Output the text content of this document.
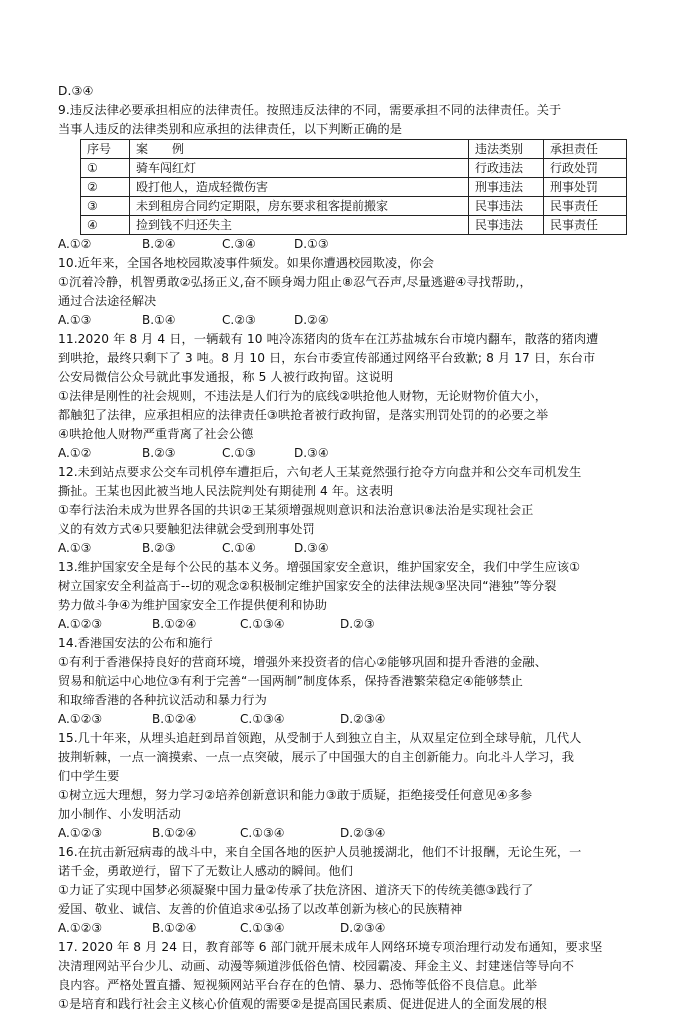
D.③④
9.违反法律必要承担相应的法律责任。按照违反法律的不同，需要承担不同的法律责任。关于
当事人违反的法律类别和应承担的法律责任，以下判断正确的是
序号	案　　例	违法类别	承担责任
①	骑车闯红灯	行政违法	行政处罚
②	殴打他人，造成轻微伤害	刑事违法	刑事处罚
③	未到租房合同约定期限，房东要求租客提前搬家	民事违法	民事责任
④	捡到钱不归还失主	民事违法	民事责任
A.①②	B.②④	C.③④	D.①③
10.近年来，全国各地校园欺凌事件频发。如果你遭遇校园欺凌，你会
①沉着冷静，机智勇敢②弘扬正义,奋不顾身竭力阻止⑧忍气吞声,尽量逃避④寻找帮助,，
通过合法途径解决
A.①③	B.①④	C.②③	D.②④
11.2020 年 8 月 4 日，一辆载有 10 吨冷冻猪肉的货车在江苏盐城东台市境内翻车，散落的猪肉遭
到哄抢，最终只剩下了 3 吨。8 月 10 日，东台市委宣传部通过网络平台致歉; 8 月 17 日，东台市
公安局微信公众号就此事发通报，称 5 人被行政拘留。这说明
①法律是刚性的社会规则，不违法是人们行为的底线②哄抢他人财物，无论财物价值大小，
都触犯了法律，应承担相应的法律责任③哄抢者被行政拘留，是落实刑罚处罚的的必要之举
④哄抢他人财物严重背离了社会公德
A.①②	B.②③	C.①③	D.③④
12.未到站点要求公交车司机停车遭拒后，六旬老人王某竟然强行抢夺方向盘并和公交车司机发生
撕扯。王某也因此被当地人民法院判处有期徒刑 4 年。这表明
①奉行法治未成为世界各国的共识②王某须增强规则意识和法治意识⑧法治是实现社会正
义的有效方式④只要触犯法律就会受到刑事处罚
A.①③	B.②③	C.①④	D.③④
13.维护国家安全是每个公民的基本义务。增强国家安全意识，维护国家安全，我们中学生应该①
树立国家安全利益高于--切的观念②积极制定维护国家安全的法律法规③坚决同“港独”等分裂
势力做斗争④为维护国家安全工作提供便利和协助
A.①②③	B.①②④	C.①③④	D.②③
14.香港国安法的公布和施行
①有利于香港保持良好的营商环境，增强外来投资者的信心②能够巩固和提升香港的金融、
贸易和航运中心地位③有利于完善“一国两制”制度体系，保持香港繁荣稳定④能够禁止
和取缔香港的各种抗议活动和暴力行为
A.①②③	B.①②④	C.①③④	D.②③④
15.几十年来，从埋头追赶到昂首领跑，从受制于人到独立自主，从双星定位到全球导航，几代人
披荆斩棘，一点一滴摸索、一点一点突破，展示了中国强大的自主创新能力。向北斗人学习，我
们中学生要
①树立远大理想，努力学习②培养创新意识和能力③敢于质疑，拒绝接受任何意见④多参
加小制作、小发明活动
A.①②③	B.①②④	C.①③④	D.②③④
16.在抗击新冠病毒的战斗中，来自全国各地的医护人员驰援湖北，他们不计报酬，无论生死，一
诺千金，勇敢逆行，留下了无数让人感动的瞬间。他们
①力证了实现中国梦必须凝聚中国力量②传承了扶危济困、道济天下的传统美德③践行了
爱国、敬业、诚信、友善的价值追求④弘扬了以改革创新为核心的民族精神
A.①②③	B.①②④	C.①③④	D.②③④
17. 2020 年 8 月 24 日，教育部等 6 部门就开展未成年人网络环境专项治理行动发布通知，要求坚
决清理网站平台少儿、动画、动漫等频道涉低俗色情、校园霸凌、拜金主义、封建迷信等导向不
良内容。严格处置直播、短视频网站平台存在的色情、暴力、恐怖等低俗不良信息。此举
①是培育和践行社会主义核心价值观的需要②是提高国民素质、促进促进人的全面发展的根
